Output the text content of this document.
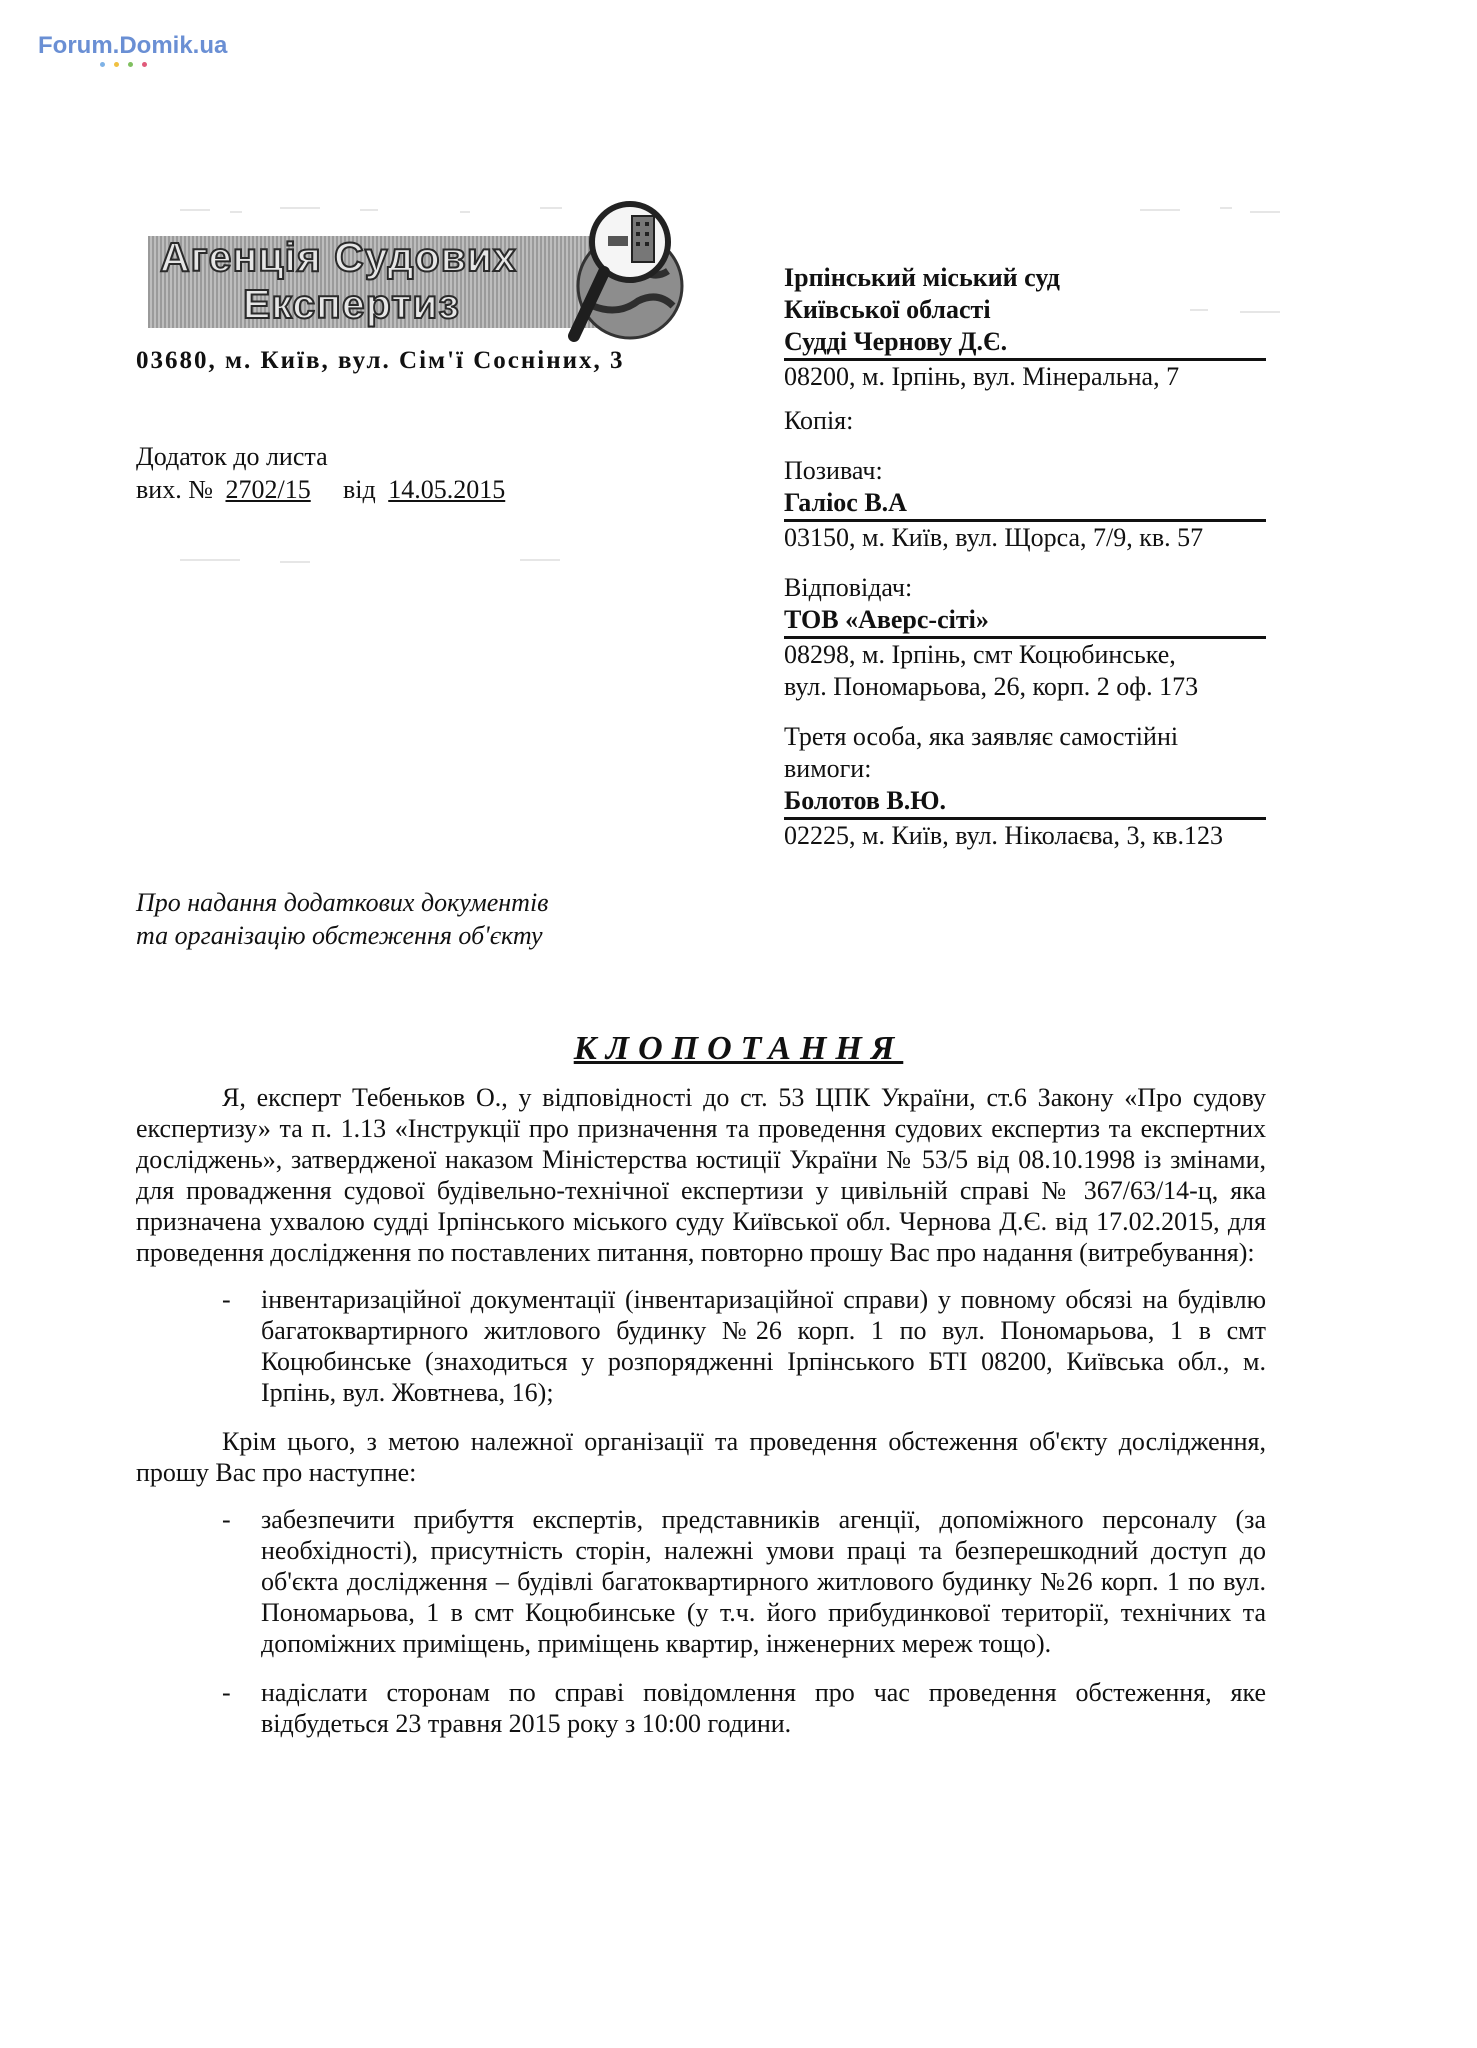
Forum.Domik.ua
Агенція Судових
Експертиз
03680, м. Київ, вул. Сім'ї Сосніних, 3
Додаток до листа
вих. № 2702/15 від 14.05.2015
Ірпінський міський суд
Київської області
Судді Чернову Д.Є.
08200, м. Ірпінь, вул. Мінеральна, 7
Копія:
Позивач:
Галіос В.А
03150, м. Київ, вул. Щорса, 7/9, кв. 57
Відповідач:
ТОВ «Аверс-сіті»
08298, м. Ірпінь, смт Коцюбинське,
вул. Пономарьова, 26, корп. 2 оф. 173
Третя особа, яка заявляє самостійні вимоги:
Болотов В.Ю.
02225, м. Київ, вул. Ніколаєва, 3, кв.123
Про надання додаткових документів
та організацію обстеження об'єкту
КЛОПОТАННЯ

Я, експерт Тебеньков О., у відповідності до ст. 53 ЦПК України, ст.6 Закону «Про судову експертизу» та п. 1.13 «Інструкції про призначення та проведення судових експертиз та експертних досліджень», затвердженої наказом Міністерства юстиції України № 53/5 від 08.10.1998 із змінами, для провадження судової будівельно-технічної експертизи у цивільній справі № 367/63/14-ц, яка призначена ухвалою судді Ірпінського міського суду Київської обл. Чернова Д.Є. від 17.02.2015, для проведення дослідження по поставлених питання, повторно прошу Вас про надання (витребування):

- інвентаризаційної документації (інвентаризаційної справи) у повному обсязі на будівлю багатоквартирного житлового будинку №26 корп. 1 по вул. Пономарьова, 1 в смт Коцюбинське (знаходиться у розпорядженні Ірпінського БТІ 08200, Київська обл., м. Ірпінь, вул. Жовтнева, 16);

Крім цього, з метою належної організації та проведення обстеження об'єкту дослідження, прошу Вас про наступне:

- забезпечити прибуття експертів, представників агенції, допоміжного персоналу (за необхідності), присутність сторін, належні умови праці та безперешкодний доступ до об'єкта дослідження – будівлі багатоквартирного житлового будинку №26 корп. 1 по вул. Пономарьова, 1 в смт Коцюбинське (у т.ч. його прибудинкової території, технічних та допоміжних приміщень, приміщень квартир, інженерних мереж тощо).
- надіслати сторонам по справі повідомлення про час проведення обстеження, яке відбудеться 23 травня 2015 року з 10:00 години.
